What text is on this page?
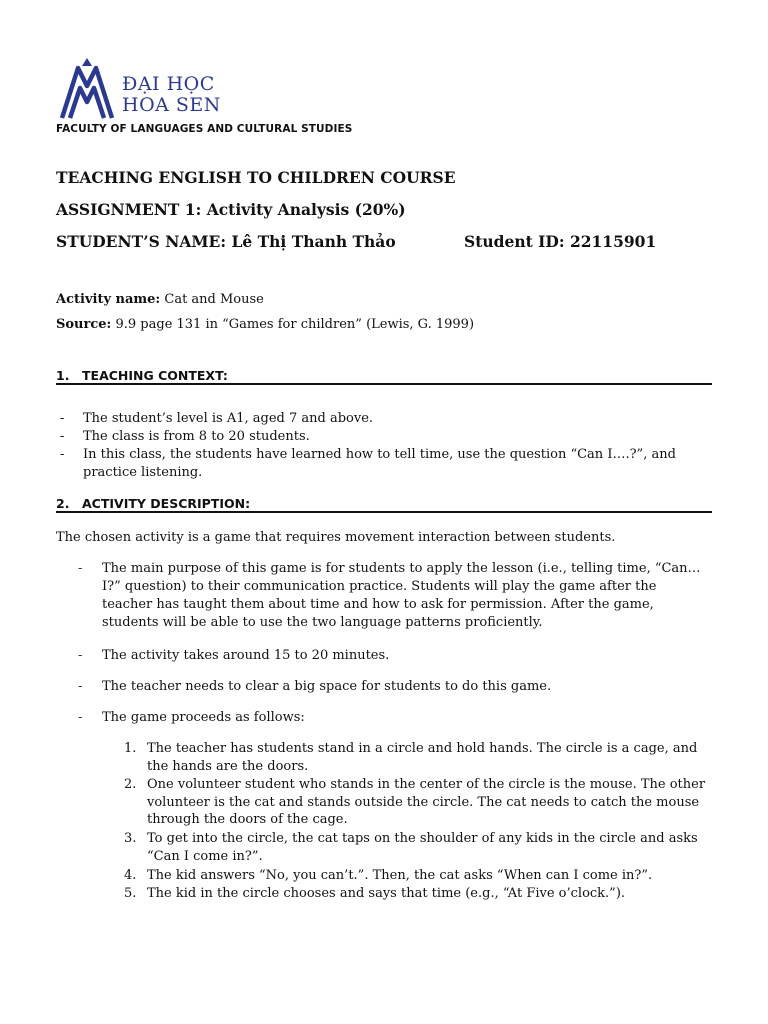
ĐẠI HỌC
HOA SEN
FACULTY OF LANGUAGES AND CULTURAL STUDIES
TEACHING ENGLISH TO CHILDREN COURSE
ASSIGNMENT 1: Activity Analysis (20%)
STUDENT’S NAME: Lê Thị Thanh Thảo	Student ID: 22115901
Activity name: Cat and Mouse
Source: 9.9 page 131 in “Games for children” (Lewis, G. 1999)
1. TEACHING CONTEXT:
- The student’s level is A1, aged 7 and above.
- The class is from 8 to 20 students.
- In this class, the students have learned how to tell time, use the question “Can I….?”, and practice listening.
2. ACTIVITY DESCRIPTION:
The chosen activity is a game that requires movement interaction between students.
- The main purpose of this game is for students to apply the lesson (i.e., telling time, “Can…I?” question) to their communication practice. Students will play the game after the teacher has taught them about time and how to ask for permission. After the game, students will be able to use the two language patterns proficiently.
- The activity takes around 15 to 20 minutes.
- The teacher needs to clear a big space for students to do this game.
- The game proceeds as follows:
1. The teacher has students stand in a circle and hold hands. The circle is a cage, and the hands are the doors.
2. One volunteer student who stands in the center of the circle is the mouse. The other volunteer is the cat and stands outside the circle. The cat needs to catch the mouse through the doors of the cage.
3. To get into the circle, the cat taps on the shoulder of any kids in the circle and asks “Can I come in?”.
4. The kid answers “No, you can’t.”. Then, the cat asks “When can I come in?”.
5. The kid in the circle chooses and says that time (e.g., “At Five o’clock.”).
